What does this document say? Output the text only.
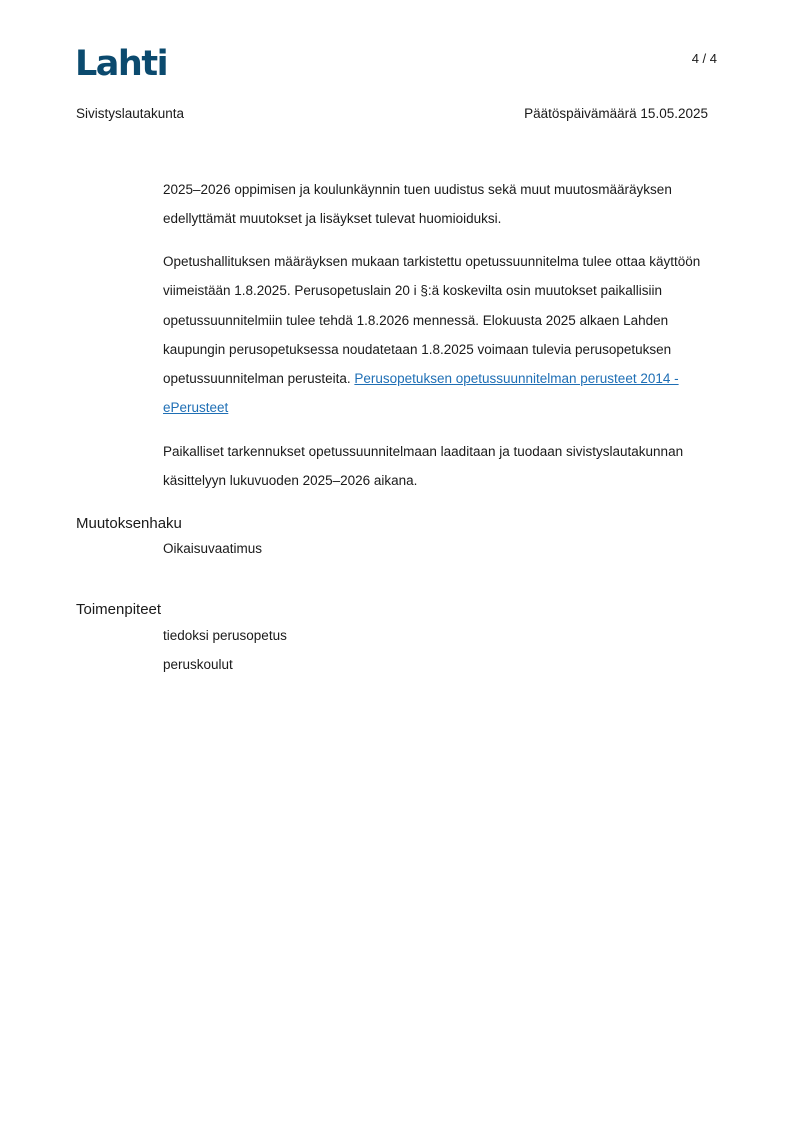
Lahti	4 / 4
Sivistyslautakunta	Päätöspäivämäärä 15.05.2025
2025–2026 oppimisen ja koulunkäynnin tuen uudistus sekä muut muutosmääräyksen edellyttämät muutokset ja lisäykset tulevat huomioiduksi.
Opetushallituksen määräyksen mukaan tarkistettu opetussuunnitelma tulee ottaa käyttöön viimeistään 1.8.2025. Perusopetuslain 20 i §:ä koskevilta osin muutokset paikallisiin opetussuunnitelmiin tulee tehdä 1.8.2026 mennessä. Elokuusta 2025 alkaen Lahden kaupungin perusopetuksessa noudatetaan 1.8.2025 voimaan tulevia perusopetuksen opetussuunnitelman perusteita. Perusopetuksen opetussuunnitelman perusteet 2014 - ePerusteet
Paikalliset tarkennukset opetussuunnitelmaan laaditaan ja tuodaan sivistyslautakunnan käsittelyyn lukuvuoden 2025–2026 aikana.
Muutoksenhaku
Oikaisuvaatimus
Toimenpiteet
tiedoksi perusopetus
peruskoulut
